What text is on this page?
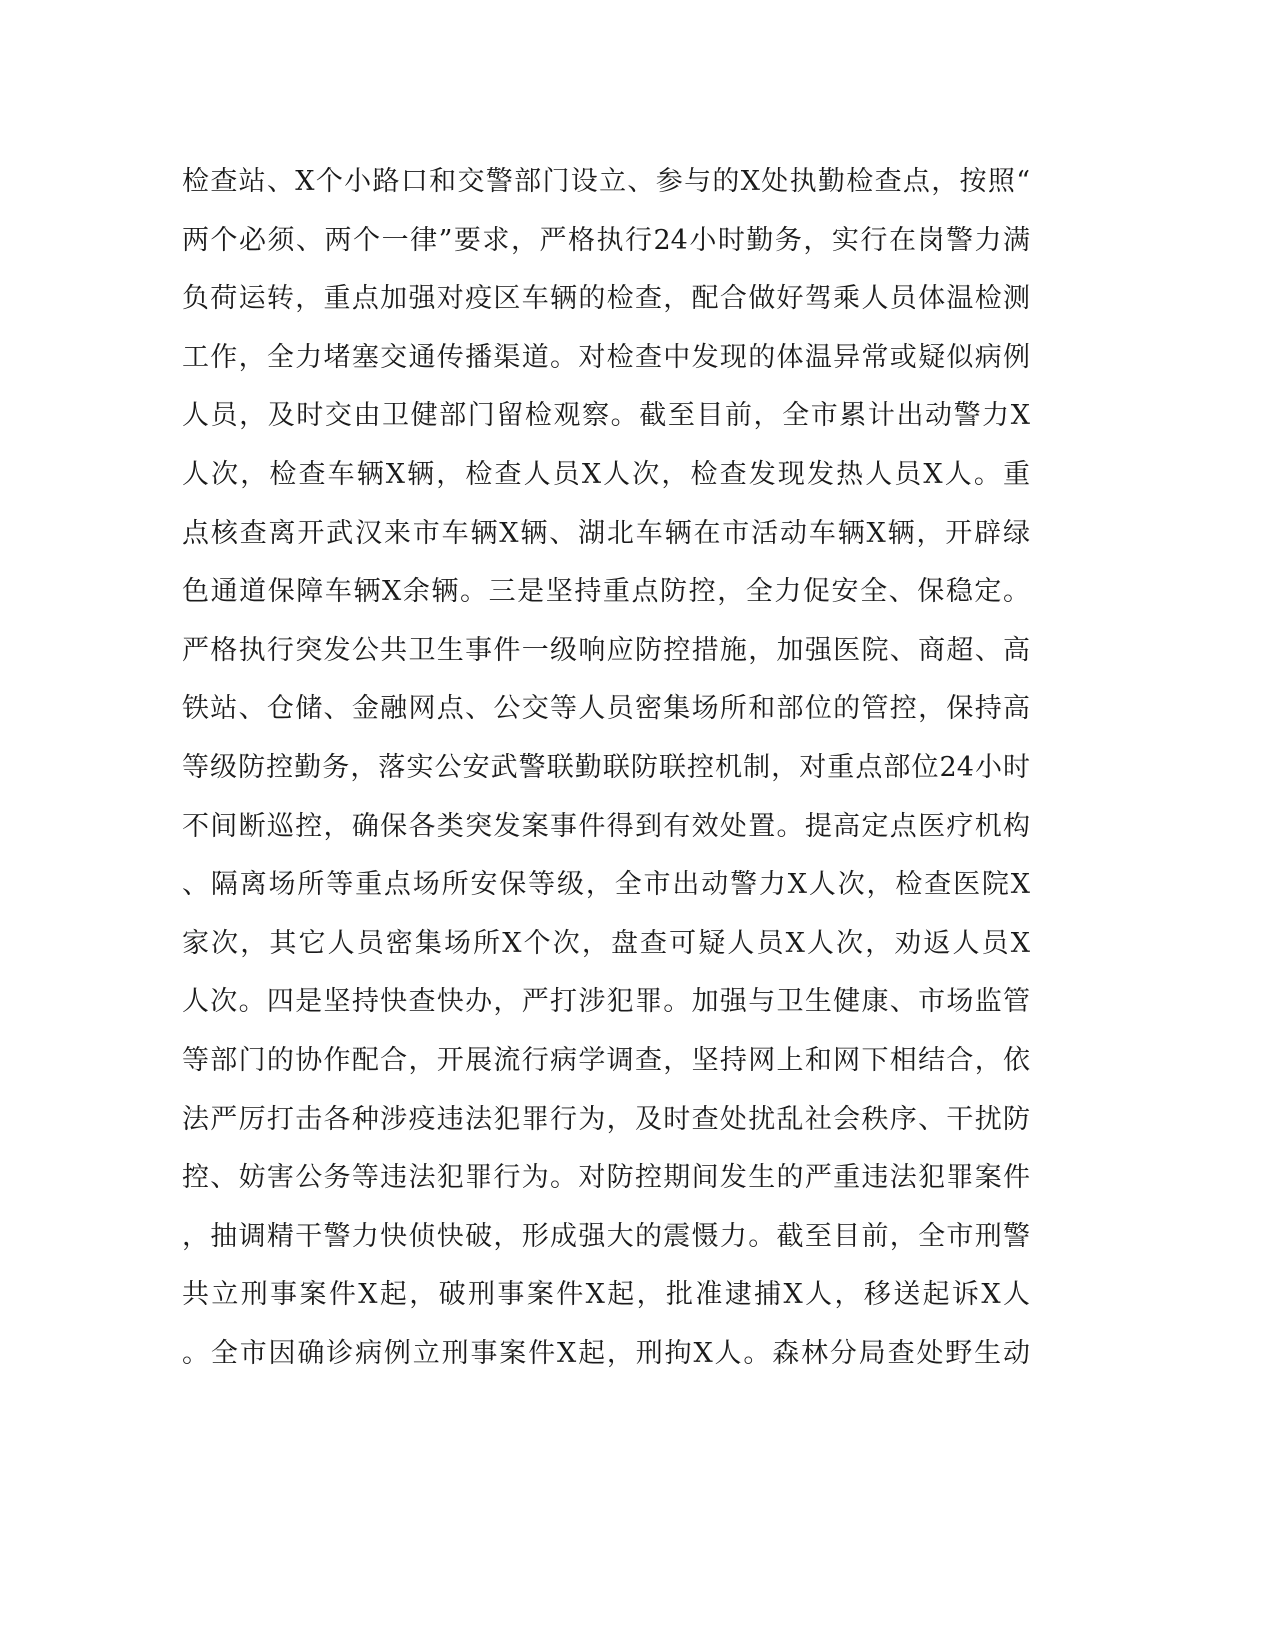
检查站、X个小路口和交警部门设立、参与的X处执勤检查点，按照“
两个必须、两个一律”要求，严格执行24小时勤务，实行在岗警力满
负荷运转，重点加强对疫区车辆的检查，配合做好驾乘人员体温检测
工作，全力堵塞交通传播渠道。对检查中发现的体温异常或疑似病例
人员，及时交由卫健部门留检观察。截至目前，全市累计出动警力X
人次，检查车辆X辆，检查人员X人次，检查发现发热人员X人。重
点核查离开武汉来市车辆X辆、湖北车辆在市活动车辆X辆，开辟绿
色通道保障车辆X余辆。三是坚持重点防控，全力促安全、保稳定。
严格执行突发公共卫生事件一级响应防控措施，加强医院、商超、高
铁站、仓储、金融网点、公交等人员密集场所和部位的管控，保持高
等级防控勤务，落实公安武警联勤联防联控机制，对重点部位24小时
不间断巡控，确保各类突发案事件得到有效处置。提高定点医疗机构
、隔离场所等重点场所安保等级，全市出动警力X人次，检查医院X
家次，其它人员密集场所X个次，盘查可疑人员X人次，劝返人员X
人次。四是坚持快查快办，严打涉犯罪。加强与卫生健康、市场监管
等部门的协作配合，开展流行病学调查，坚持网上和网下相结合，依
法严厉打击各种涉疫违法犯罪行为，及时查处扰乱社会秩序、干扰防
控、妨害公务等违法犯罪行为。对防控期间发生的严重违法犯罪案件
，抽调精干警力快侦快破，形成强大的震慑力。截至目前，全市刑警
共立刑事案件X起，破刑事案件X起，批准逮捕X人，移送起诉X人
。全市因确诊病例立刑事案件X起，刑拘X人。森林分局查处野生动
